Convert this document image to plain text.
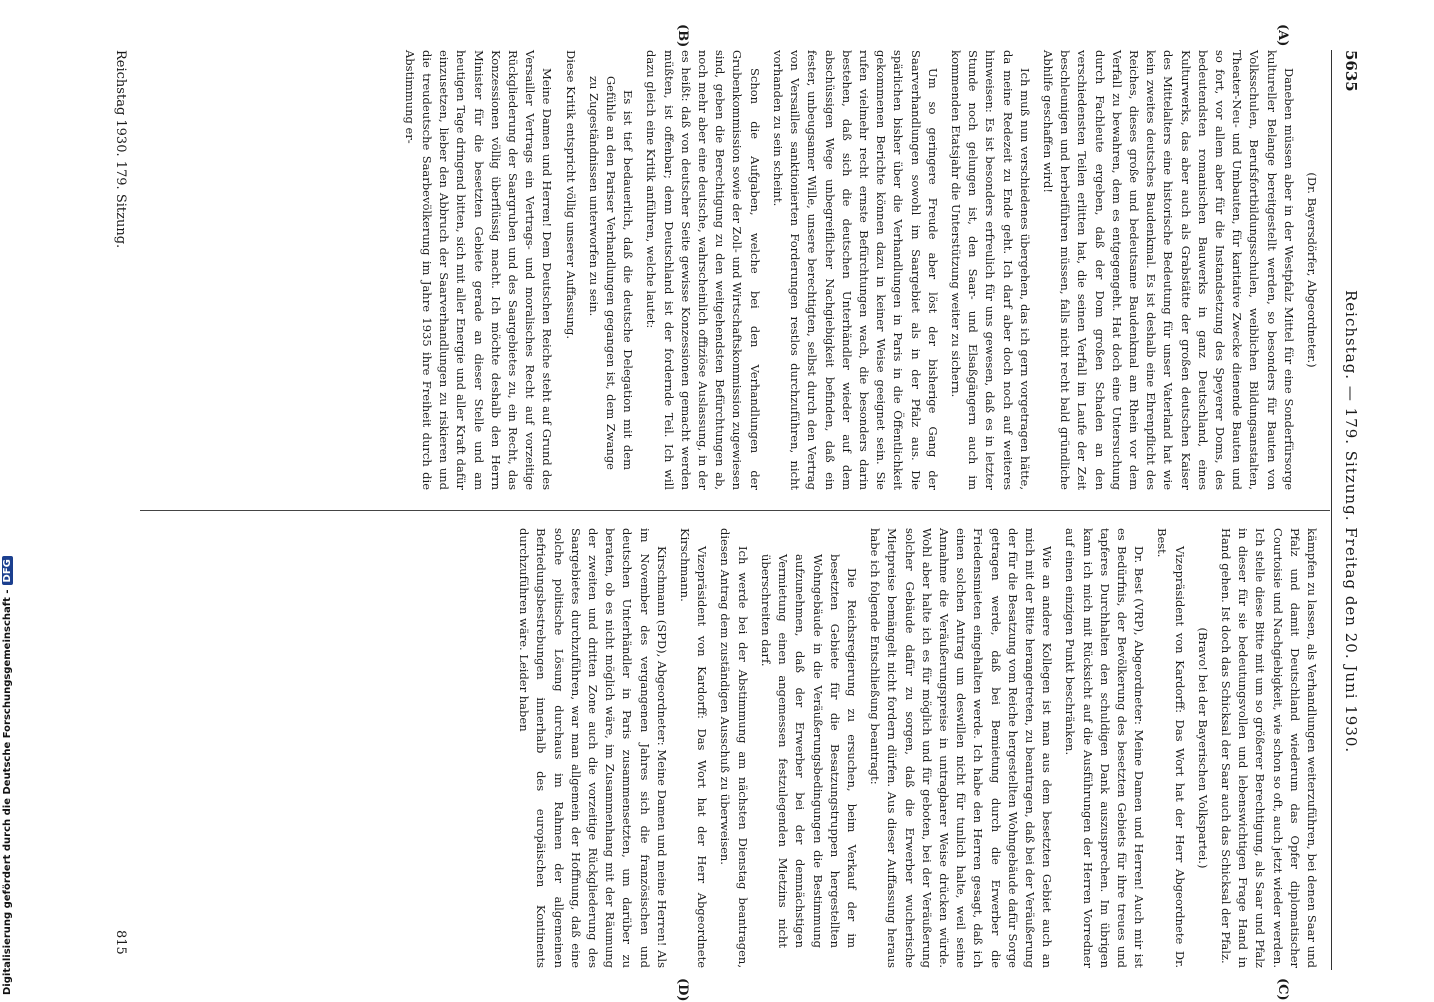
5635
Reichstag. — 179. Sitzung. Freitag den 20. Juni 1930.
(A)
(B)
(C)
(D)

(Dr. Bayersdörfer, Abgeordneter.)

Daneben müssen aber in der Westpfalz Mittel für eine Sonderfürsorge kultureller Belange bereitgestellt werden, so besonders für Bauten von Volksschulen, Berufsfortbildungsschulen, weiblichen Bildungsanstalten, Theater-Neu- und Umbauten, für karitative Zwecke dienende Bauten und so fort, vor allem aber für die Instandsetzung des Speyerer Doms, des bedeutendsten romanischen Bauwerks in ganz Deutschland, eines Kulturwerks, das aber auch als Grabstätte der großen deutschen Kaiser des Mittelalters eine historische Bedeutung für unser Vaterland hat wie kein zweites deutsches Baudenkmal. Es ist deshalb eine Ehrenpflicht des Reiches, dieses große und bedeutsame Baudenkmal am Rhein vor dem Verfall zu bewahren, dem es entgegengeht. Hat doch eine Untersuchung durch Fachleute ergeben, daß der Dom großen Schaden an den verschiedensten Teilen erlitten hat, die seinen Verfall im Laufe der Zeit beschleunigen und herbeiführen müssen, falls nicht recht bald gründliche Abhilfe geschaffen wird!

Ich muß nun verschiedenes übergehen, das ich gern vorgetragen hätte, da meine Redezeit zu Ende geht. Ich darf aber doch noch auf weiteres hinweisen: Es ist besonders erfreulich für uns gewesen, daß es in letzter Stunde noch gelungen ist, den Saar- und Elsaßgängern auch im kommenden Etatsjahr die Unterstützung weiter zu sichern.

Um so geringere Freude aber löst der bisherige Gang der Saarverhandlungen sowohl im Saargebiet als in der Pfalz aus. Die spärlichen bisher über die Verhandlungen in Paris in die Öffentlichkeit gekommenen Berichte können dazu in keiner Weise geeignet sein. Sie rufen vielmehr recht ernste Befürchtungen wach, die besonders darin bestehen, daß sich die deutschen Unterhändler wieder auf dem abschüssigen Wege unbegreiflicher Nachgiebigkeit befinden, daß ein fester, unbeugsamer Wille, unsere berechtigten, selbst durch den Vertrag von Versailles sanktionierten Forderungen restlos durchzuführen, nicht vorhanden zu sein scheint.

Schon die Aufgaben, welche bei den Verhandlungen der Grubenkommission sowie der Zoll- und Wirtschaftskommission zugewiesen sind, geben die Berechtigung zu den weitgehendsten Befürchtungen ab, noch mehr aber eine deutsche, wahrscheinlich offiziöse Auslassung, in der es heißt: daß von deutscher Seite gewisse Konzessionen gemacht werden müßten, ist offenbar; denn Deutschland ist der fordernde Teil. Ich will dazu gleich eine Kritik anführen, welche lautet:

Es ist tief bedauerlich, daß die deutsche Delegation mit dem Gefühle an den Pariser Verhandlungen gegangen ist, dem Zwange zu Zugeständnissen unterworfen zu sein.

Diese Kritik entspricht völlig unserer Auffassung.

Meine Damen und Herren! Dem Deutschen Reiche steht auf Grund des Versailler Vertrags ein Vertrags- und moralisches Recht auf vorzeitige Rückgliederung der Saargruben und des Saargebietes zu, ein Recht, das Konzessionen völlig überflüssig macht. Ich möchte deshalb den Herrn Minister für die besetzten Gebiete gerade an dieser Stelle und am heutigen Tage dringend bitten, sich mit aller Energie und aller Kraft dafür einzusetzen, lieber den Abbruch der Saarverhandlungen zu riskieren und die treudeutsche Saarbevölkerung im Jahre 1935 ihre Freiheit durch die Abstimmung er-

kämpfen zu lassen, als Verhandlungen weiterzuführen, bei denen Saar und Pfalz und damit Deutschland wiederum das Opfer diplomatischer Courtoisie und Nachgiebigkeit, wie schon so oft, auch jetzt wieder werden. Ich stelle diese Bitte mit um so größerer Berechtigung, als Saar und Pfalz in dieser für sie bedeutungsvollen und lebenswichtigen Frage Hand in Hand gehen. Ist doch das Schicksal der Saar auch das Schicksal der Pfalz.

(Bravo! bei der Bayerischen Volkspartei.)

Vizepräsident von Kardorff: Das Wort hat der Herr Abgeordnete Dr. Best.

Dr. Best (VRP), Abgeordneter: Meine Damen und Herren! Auch mir ist es Bedürfnis, der Bevölkerung des besetzten Gebiets für ihre treues und tapferes Durchhalten den schuldigen Dank auszusprechen. Im übrigen kann ich mich mit Rücksicht auf die Ausführungen der Herren Vorredner auf einen einzigen Punkt beschränken.

Wie an andere Kollegen ist man aus dem besetzten Gebiet auch an mich mit der Bitte herangetreten, zu beantragen, daß bei der Veräußerung der für die Besatzung vom Reiche hergestellten Wohngebäude dafür Sorge getragen werde, daß bei Bemietung durch die Erwerber die Friedensmieten eingehalten werde. Ich habe den Herren gesagt, daß ich einen solchen Antrag um deswillen nicht für tunlich halte, weil seine Annahme die Veräußerungspreise in untragbarer Weise drücken würde. Wohl aber halte ich es für möglich und für geboten, bei der Veräußerung solcher Gebäude dafür zu sorgen, daß die Erwerber wucherische Mietpreise bemängelt nicht fordern dürfen. Aus dieser Auffassung heraus habe ich folgende Entschließung beantragt:

Die Reichsregierung zu ersuchen, beim Verkauf der im besetzten Gebiete für die Besatzungstruppen hergestellten Wohngebäude in die Veräußerungsbedingungen die Bestimmung aufzunehmen, daß der Erwerber bei der demnächstigen Vermietung einen angemessen festzulegenden Mietzins nicht überschreiten darf.

Ich werde bei der Abstimmung am nächsten Dienstag beantragen, diesen Antrag dem zuständigen Ausschuß zu überweisen.

Vizepräsident von Kardorff: Das Wort hat der Herr Abgeordnete Kirschmann.

Kirschmann (SPD), Abgeordneter: Meine Damen und meine Herren! Als im November des vergangenen Jahres sich die französischen und deutschen Unterhändler in Paris zusammensetzten, um darüber zu beraten, ob es nicht möglich wäre, im Zusammenhang mit der Räumung der zweiten und dritten Zone auch die vorzeitige Rückgliederung des Saargebietes durchzuführen, war man allgemein der Hoffnung, daß eine solche politische Lösung durchaus im Rahmen der allgemeinen Befriedungsbestrebungen innerhalb des europäischen Kontinents durchzuführen wäre. Leider haben

Reichstag 1930. 179. Sitzung.
815
Digitalisierung gefördert durch die Deutsche Forschungsgemeinschaft -DFG
